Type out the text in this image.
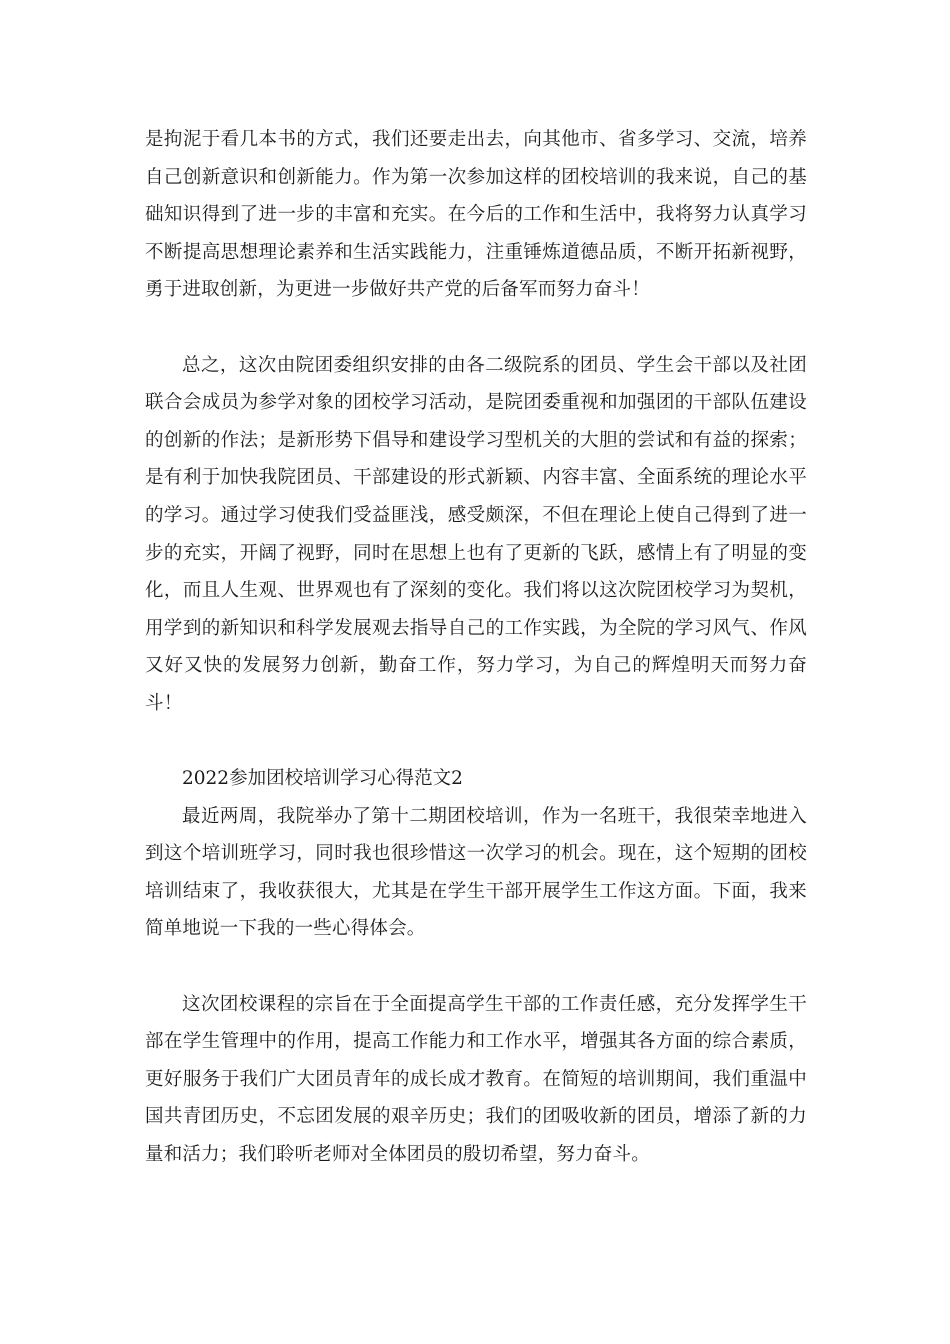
是拘泥于看几本书的方式，我们还要走出去，向其他市、省多学习、交流，培养自己创新意识和创新能力。作为第一次参加这样的团校培训的我来说，自己的基础知识得到了进一步的丰富和充实。在今后的工作和生活中，我将努力认真学习不断提高思想理论素养和生活实践能力，注重锤炼道德品质，不断开拓新视野，勇于进取创新，为更进一步做好共产党的后备军而努力奋斗！

总之，这次由院团委组织安排的由各二级院系的团员、学生会干部以及社团联合会成员为参学对象的团校学习活动，是院团委重视和加强团的干部队伍建设的创新的作法；是新形势下倡导和建设学习型机关的大胆的尝试和有益的探索；是有利于加快我院团员、干部建设的形式新颖、内容丰富、全面系统的理论水平的学习。通过学习使我们受益匪浅，感受颇深，不但在理论上使自己得到了进一步的充实，开阔了视野，同时在思想上也有了更新的飞跃，感情上有了明显的变化，而且人生观、世界观也有了深刻的变化。我们将以这次院团校学习为契机，用学到的新知识和科学发展观去指导自己的工作实践，为全院的学习风气、作风又好又快的发展努力创新，勤奋工作，努力学习，为自己的辉煌明天而努力奋斗！

2022参加团校培训学习心得范文2

最近两周，我院举办了第十二期团校培训，作为一名班干，我很荣幸地进入到这个培训班学习，同时我也很珍惜这一次学习的机会。现在，这个短期的团校培训结束了，我收获很大，尤其是在学生干部开展学生工作这方面。下面，我来简单地说一下我的一些心得体会。

这次团校课程的宗旨在于全面提高学生干部的工作责任感，充分发挥学生干部在学生管理中的作用，提高工作能力和工作水平，增强其各方面的综合素质，更好服务于我们广大团员青年的成长成才教育。在简短的培训期间，我们重温中国共青团历史，不忘团发展的艰辛历史；我们的团吸收新的团员，增添了新的力量和活力；我们聆听老师对全体团员的殷切希望，努力奋斗。
